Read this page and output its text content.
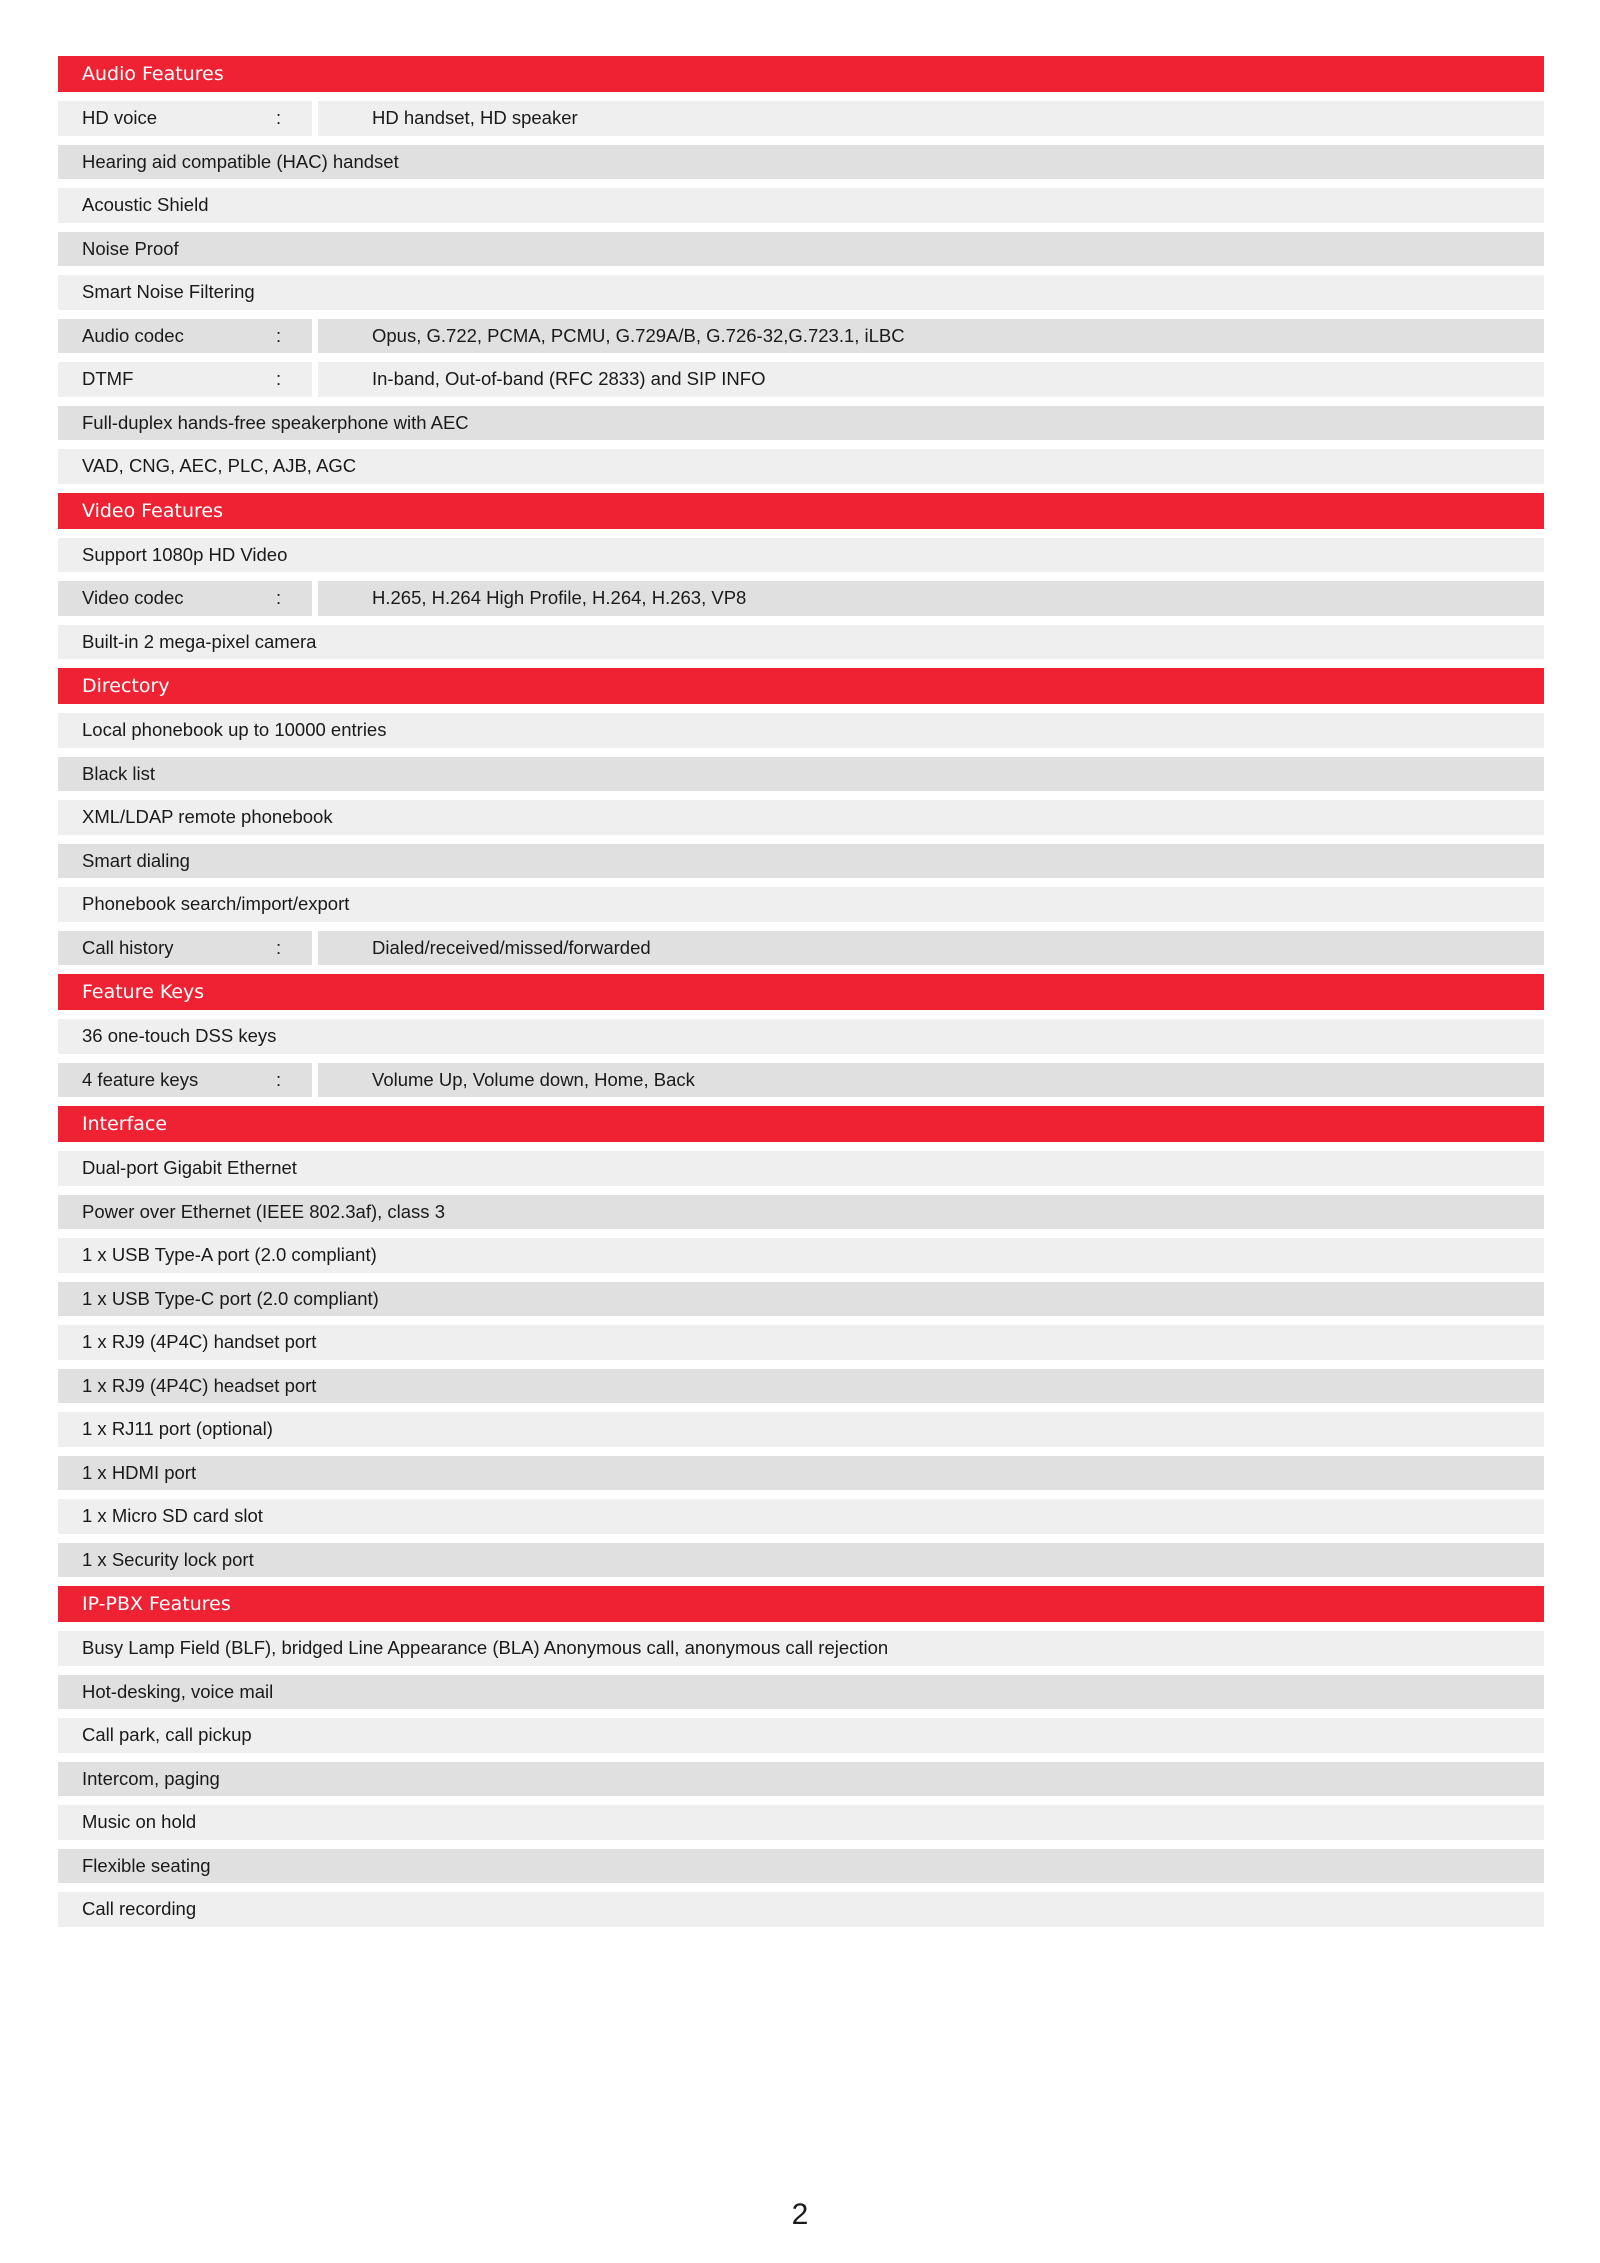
Audio Features
HD voice	:	HD handset, HD speaker
Hearing aid compatible (HAC) handset
Acoustic Shield
Noise Proof
Smart Noise Filtering
Audio codec	:	Opus, G.722, PCMA, PCMU, G.729A/B, G.726-32,G.723.1, iLBC
DTMF	:	In-band, Out-of-band (RFC 2833) and SIP INFO
Full-duplex hands-free speakerphone with AEC
VAD, CNG, AEC, PLC, AJB, AGC
Video Features
Support 1080p HD Video
Video codec	:	H.265, H.264 High Profile, H.264, H.263, VP8
Built-in 2 mega-pixel camera
Directory
Local phonebook up to 10000 entries
Black list
XML/LDAP remote phonebook
Smart dialing
Phonebook search/import/export
Call history	:	Dialed/received/missed/forwarded
Feature Keys
36 one-touch DSS keys
4 feature keys	:	Volume Up, Volume down, Home, Back
Interface
Dual-port Gigabit Ethernet
Power over Ethernet (IEEE 802.3af), class 3
1 x USB Type-A port (2.0 compliant)
1 x USB Type-C port (2.0 compliant)
1 x RJ9 (4P4C) handset port
1 x RJ9 (4P4C) headset port
1 x RJ11 port (optional)
1 x HDMI port
1 x Micro SD card slot
1 x Security lock port
IP-PBX Features
Busy Lamp Field (BLF), bridged Line Appearance (BLA) Anonymous call, anonymous call rejection
Hot-desking, voice mail
Call park, call pickup
Intercom, paging
Music on hold
Flexible seating
Call recording
2
